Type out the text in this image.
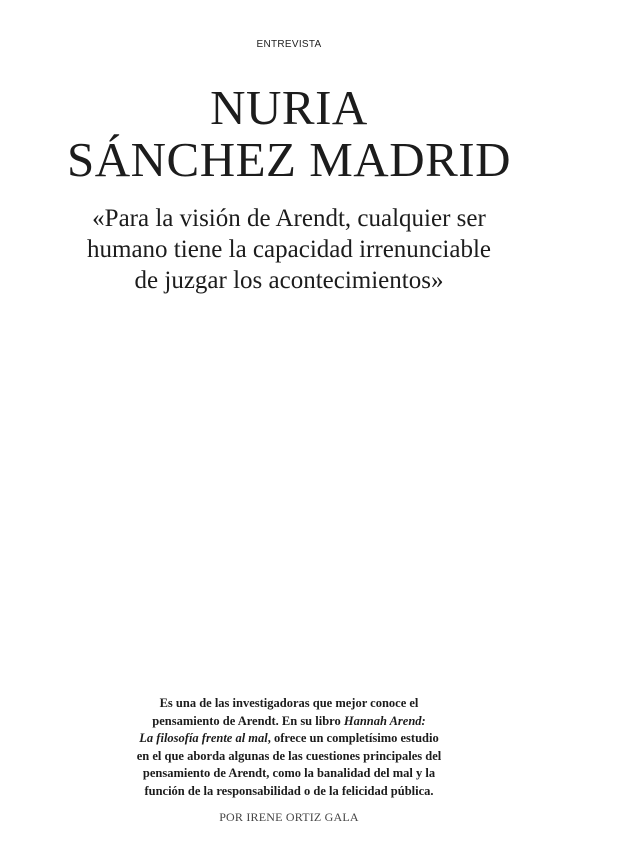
ENTREVISTA
NURIA
SÁNCHEZ MADRID

«Para la visión de Arendt, cualquier ser
humano tiene la capacidad irrenunciable
de juzgar los acontecimientos»

Es una de las investigadoras que mejor conoce el
pensamiento de Arendt. En su libro Hannah Arend:
La filosofía frente al mal, ofrece un completísimo estudio
en el que aborda algunas de las cuestiones principales del
pensamiento de Arendt, como la banalidad del mal y la
función de la responsabilidad o de la felicidad pública.

POR IRENE ORTIZ GALA
